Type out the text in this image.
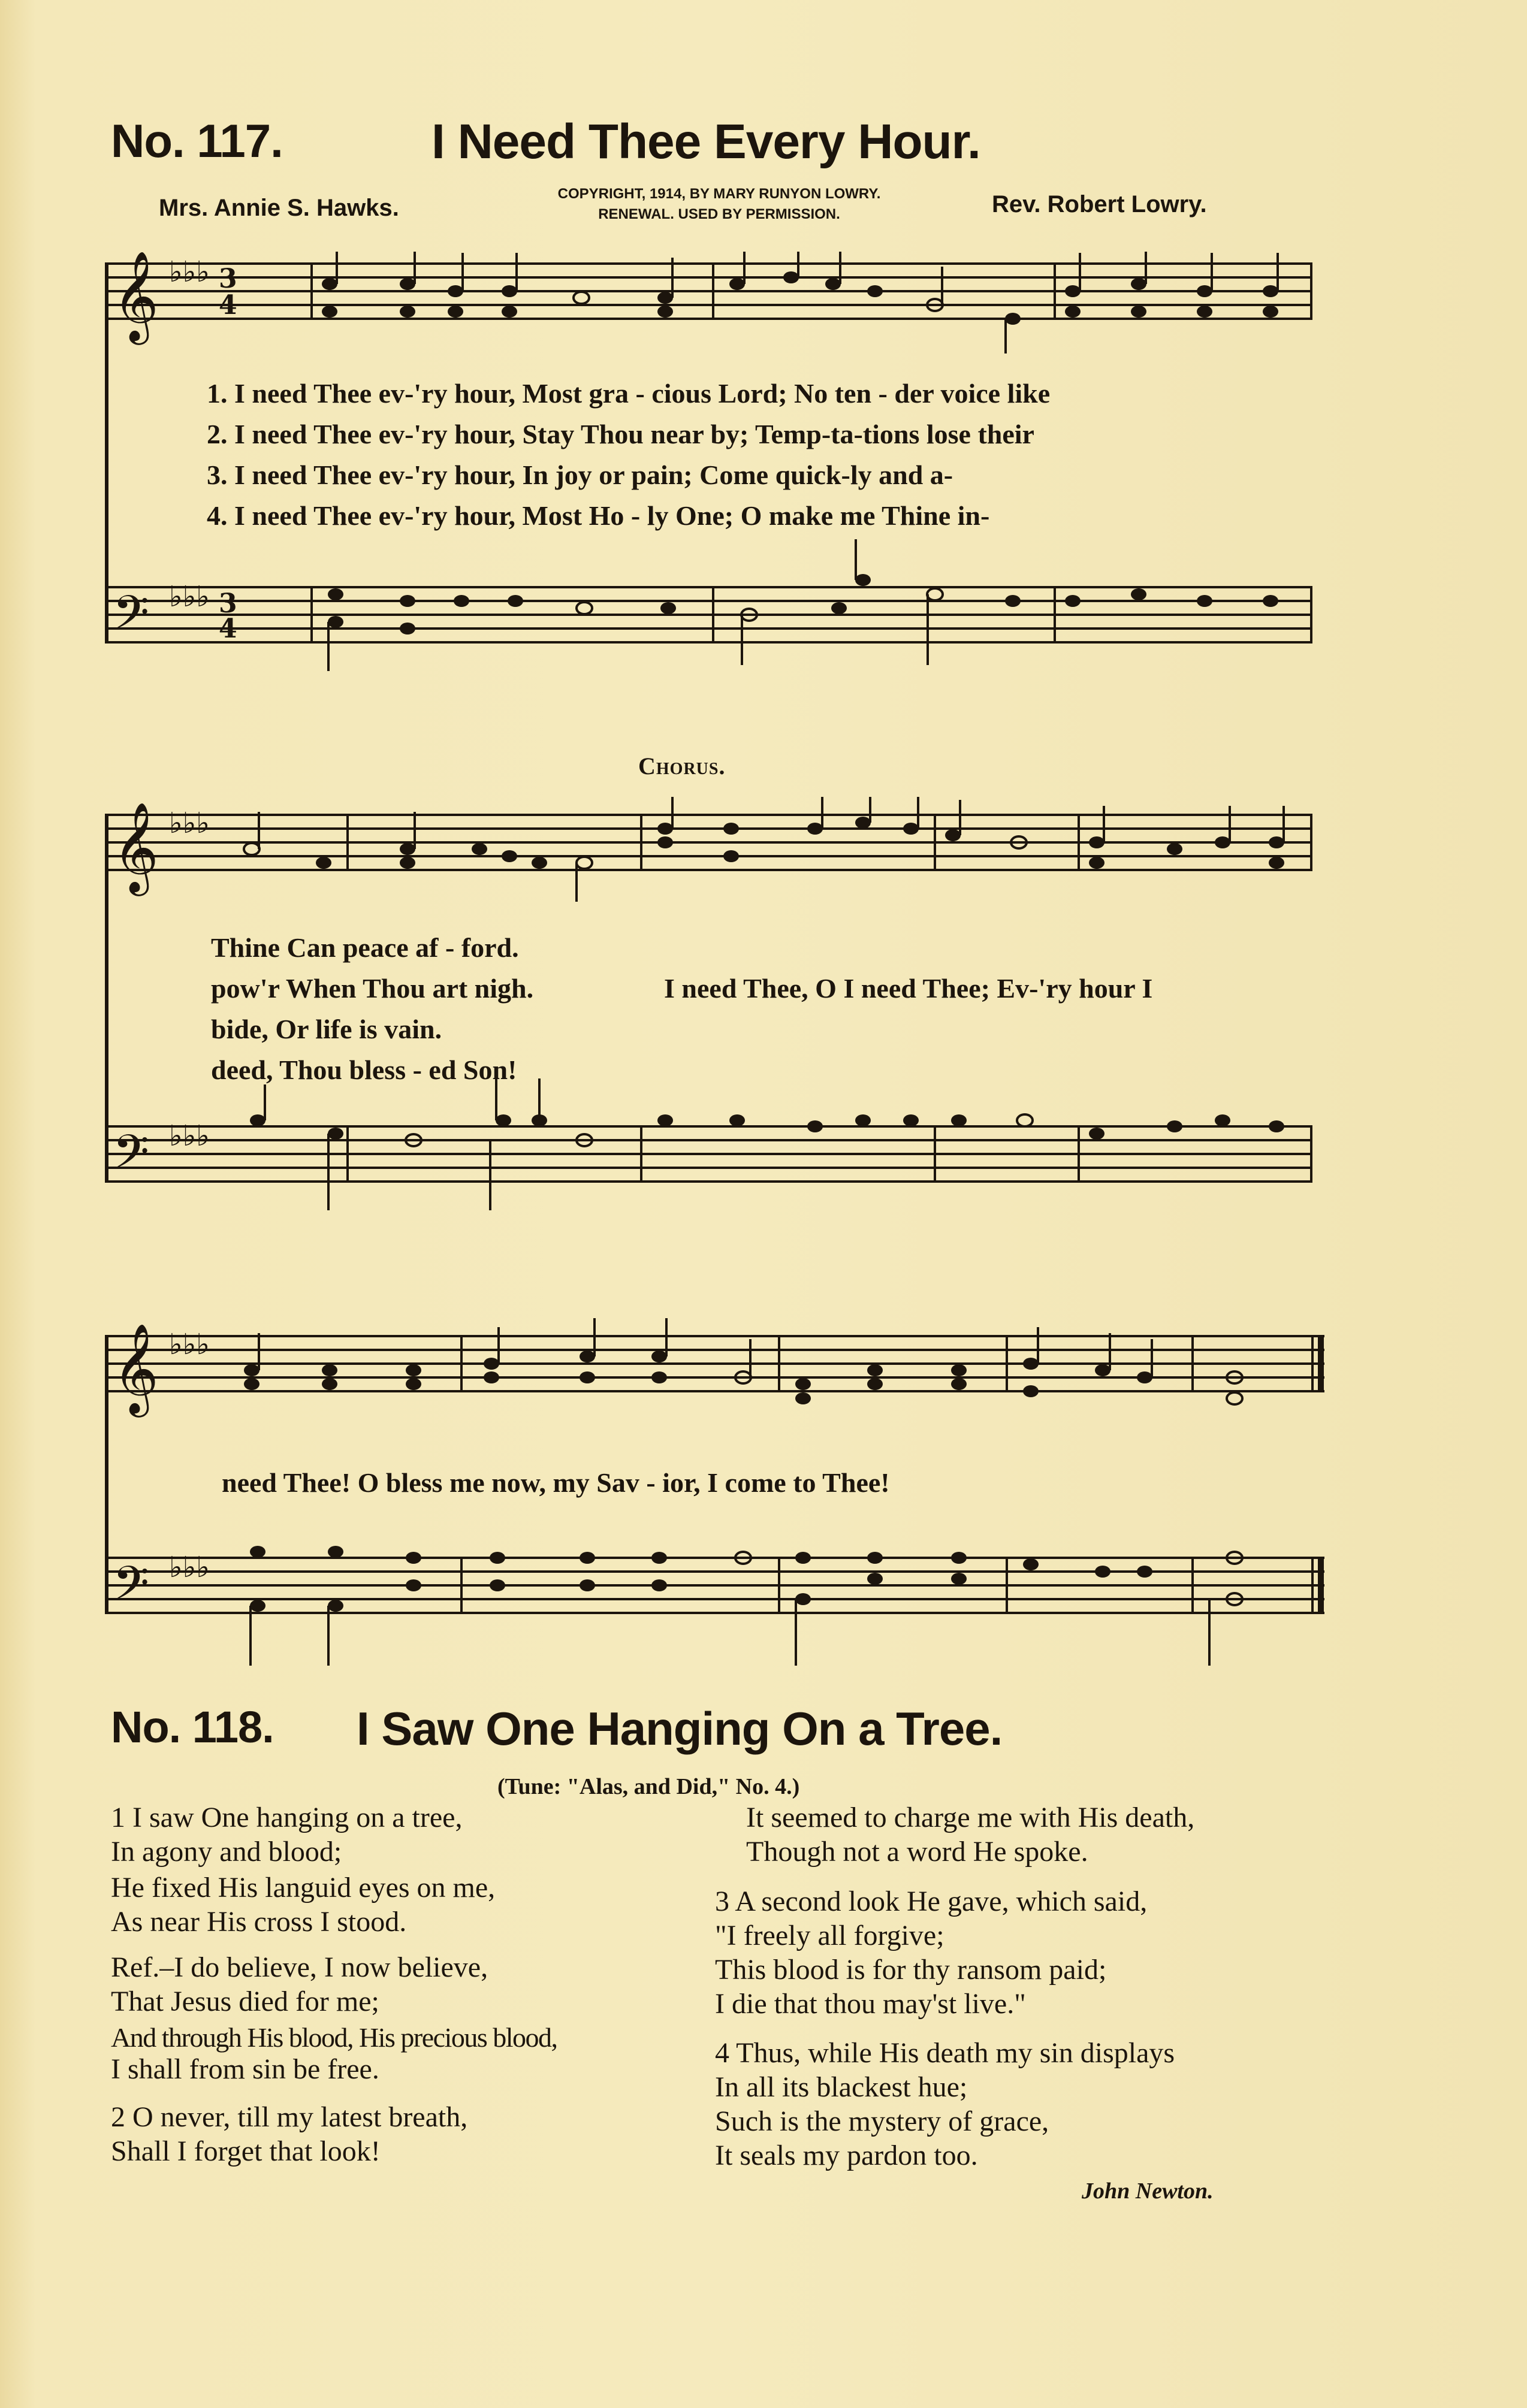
No. 117.	I Need Thee Every Hour.
Mrs. Annie S. Hawks.
COPYRIGHT, 1914, BY MARY RUNYON LOWRY.
RENEWAL. USED BY PERMISSION.	Rev. Robert Lowry.
𝄞
𝄢
♭♭♭
♭♭♭
3
4
3
4
1. I need Thee ev-'ry hour, Most gra - cious Lord; No ten - der voice like
2. I need Thee ev-'ry hour, Stay Thou near by; Temp-ta-tions lose their
3. I need Thee ev-'ry hour, In joy or pain; Come quick-ly and a-
4. I need Thee ev-'ry hour, Most Ho - ly One; O make me Thine in-
Chorus.
𝄞
𝄢
♭♭♭
♭♭♭
Thine Can peace af - ford.
pow'r When Thou art nigh.
bide, Or life is vain.
deed, Thou bless - ed Son!
I need Thee, O I need Thee; Ev-'ry hour I
𝄞
𝄢
♭♭♭
♭♭♭
need Thee! O bless me now, my Sav - ior, I come to Thee!
No. 118. I Saw One Hanging On a Tree.
(Tune: "Alas, and Did," No. 4.)
1 I saw One hanging on a tree,
In agony and blood;
He fixed His languid eyes on me,
As near His cross I stood.
Ref.–I do believe, I now believe,
That Jesus died for me;
And through His blood, His precious blood,
I shall from sin be free.
2 O never, till my latest breath,
Shall I forget that look!
It seemed to charge me with His death,
Though not a word He spoke.
3 A second look He gave, which said,
"I freely all forgive;
This blood is for thy ransom paid;
I die that thou may'st live."
4 Thus, while His death my sin displays
In all its blackest hue;
Such is the mystery of grace,
It seals my pardon too.
John Newton.
